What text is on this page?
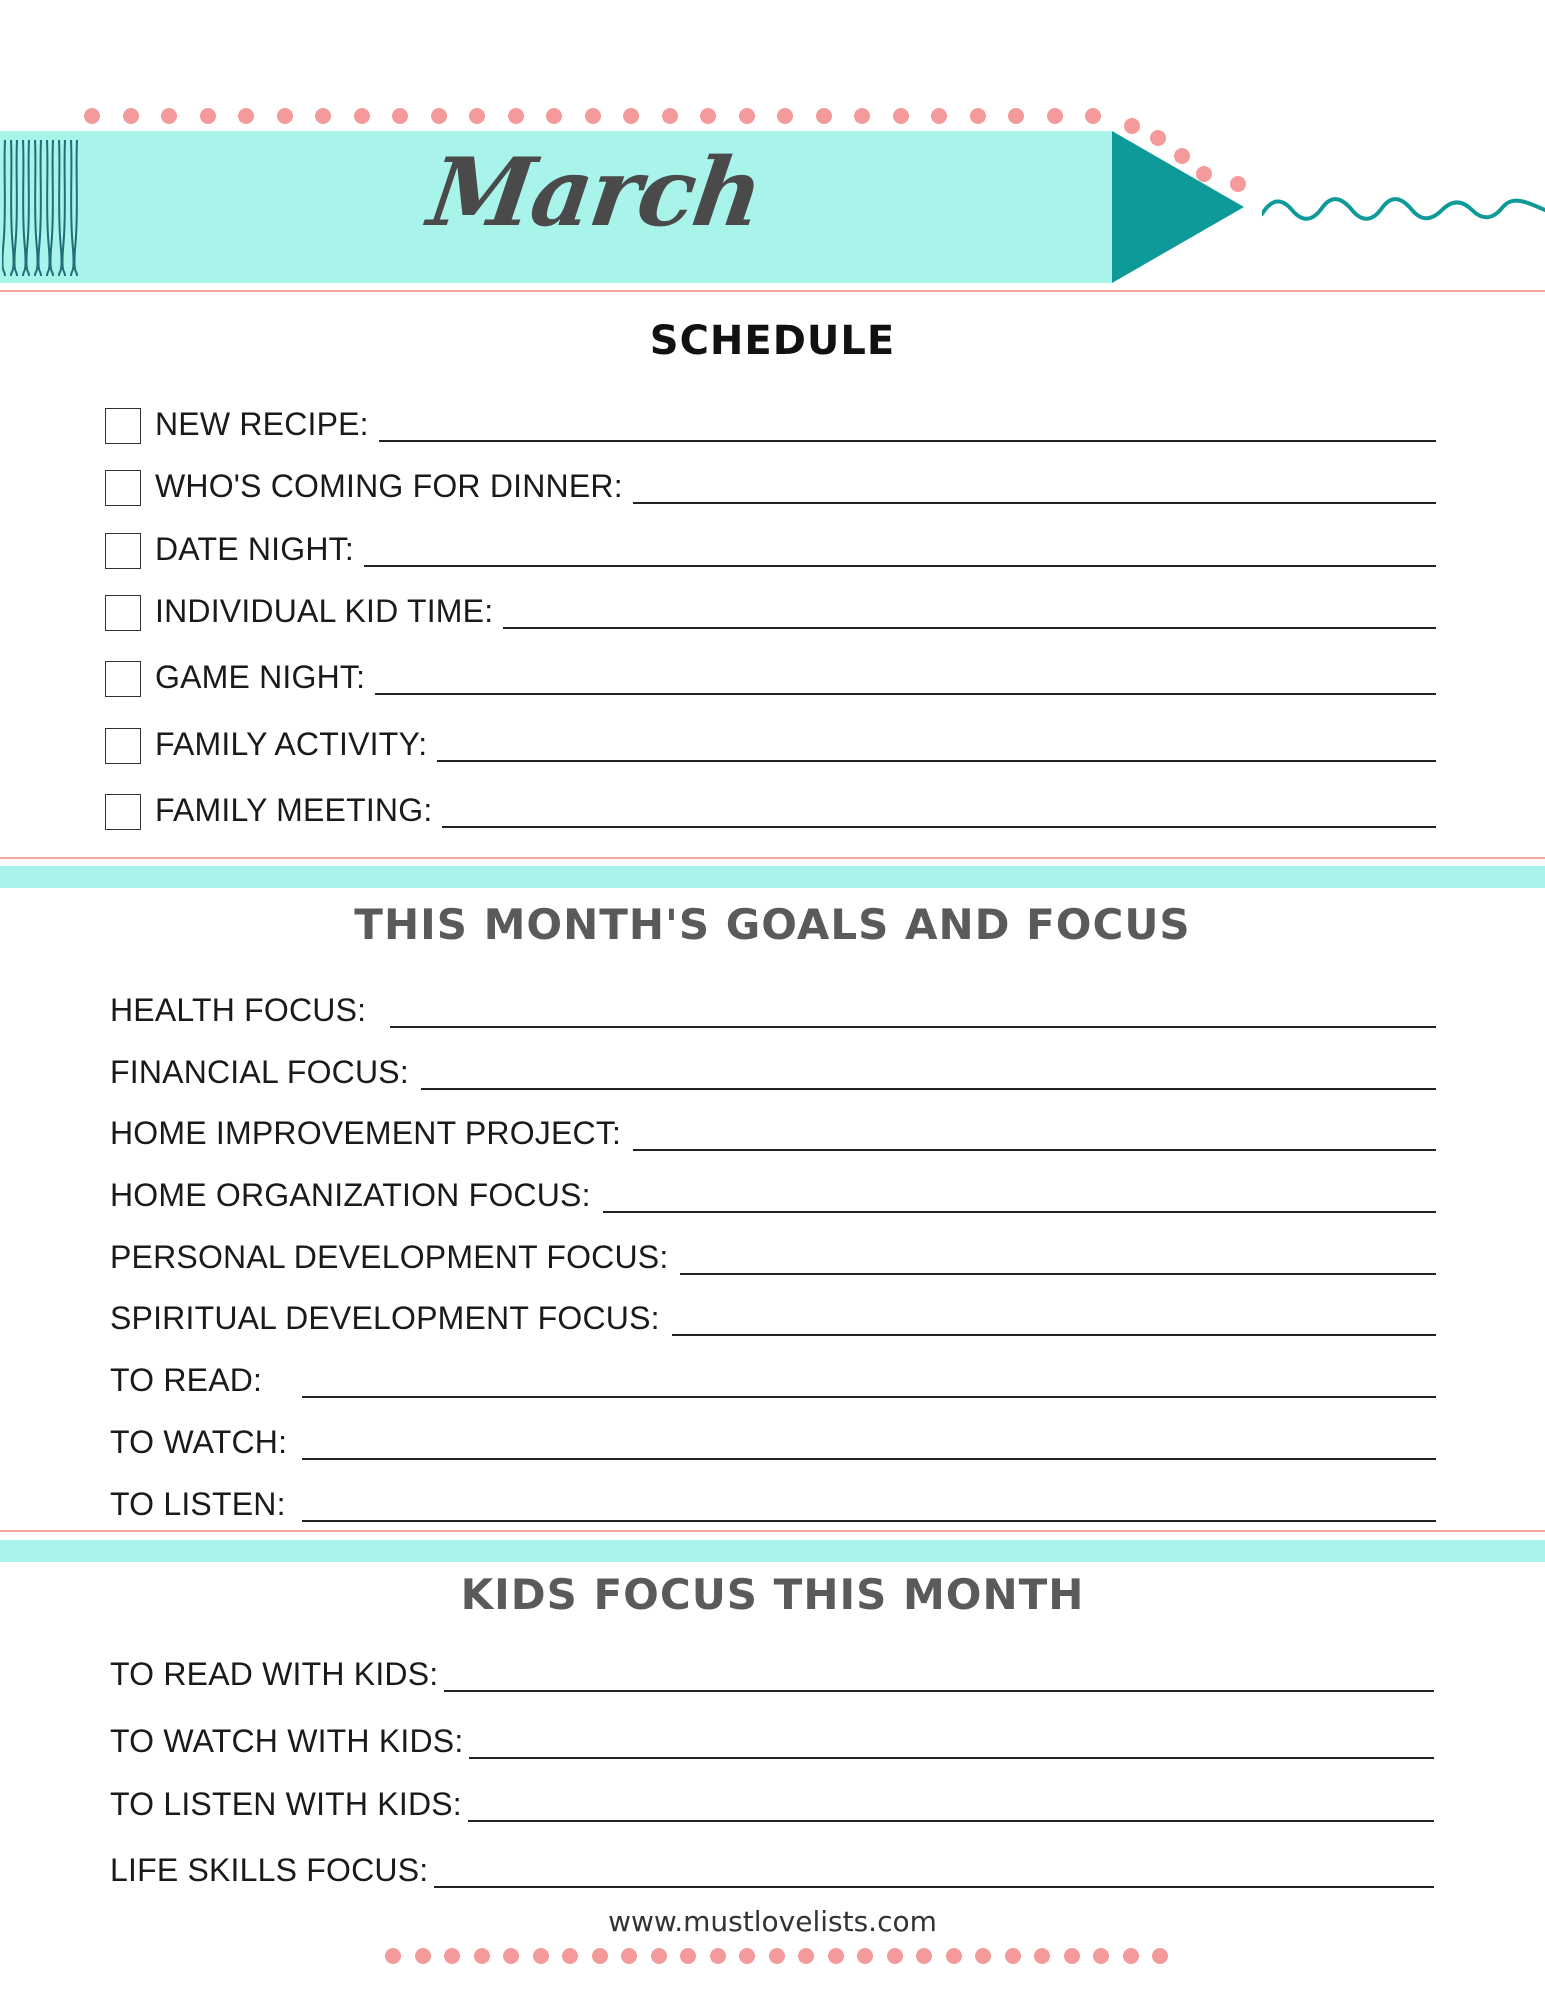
March
SCHEDULE
NEW RECIPE:
WHO'S COMING FOR DINNER:
DATE NIGHT:
INDIVIDUAL KID TIME:
GAME NIGHT:
FAMILY ACTIVITY:
FAMILY MEETING:
THIS MONTH'S GOALS AND FOCUS
HEALTH FOCUS:
FINANCIAL FOCUS:
HOME IMPROVEMENT PROJECT:
HOME ORGANIZATION FOCUS:
PERSONAL DEVELOPMENT FOCUS:
SPIRITUAL DEVELOPMENT FOCUS:
TO READ:
TO WATCH:
TO LISTEN:
KIDS FOCUS THIS MONTH
TO READ WITH KIDS:
TO WATCH WITH KIDS:
TO LISTEN WITH KIDS:
LIFE SKILLS FOCUS:
www.mustlovelists.com
